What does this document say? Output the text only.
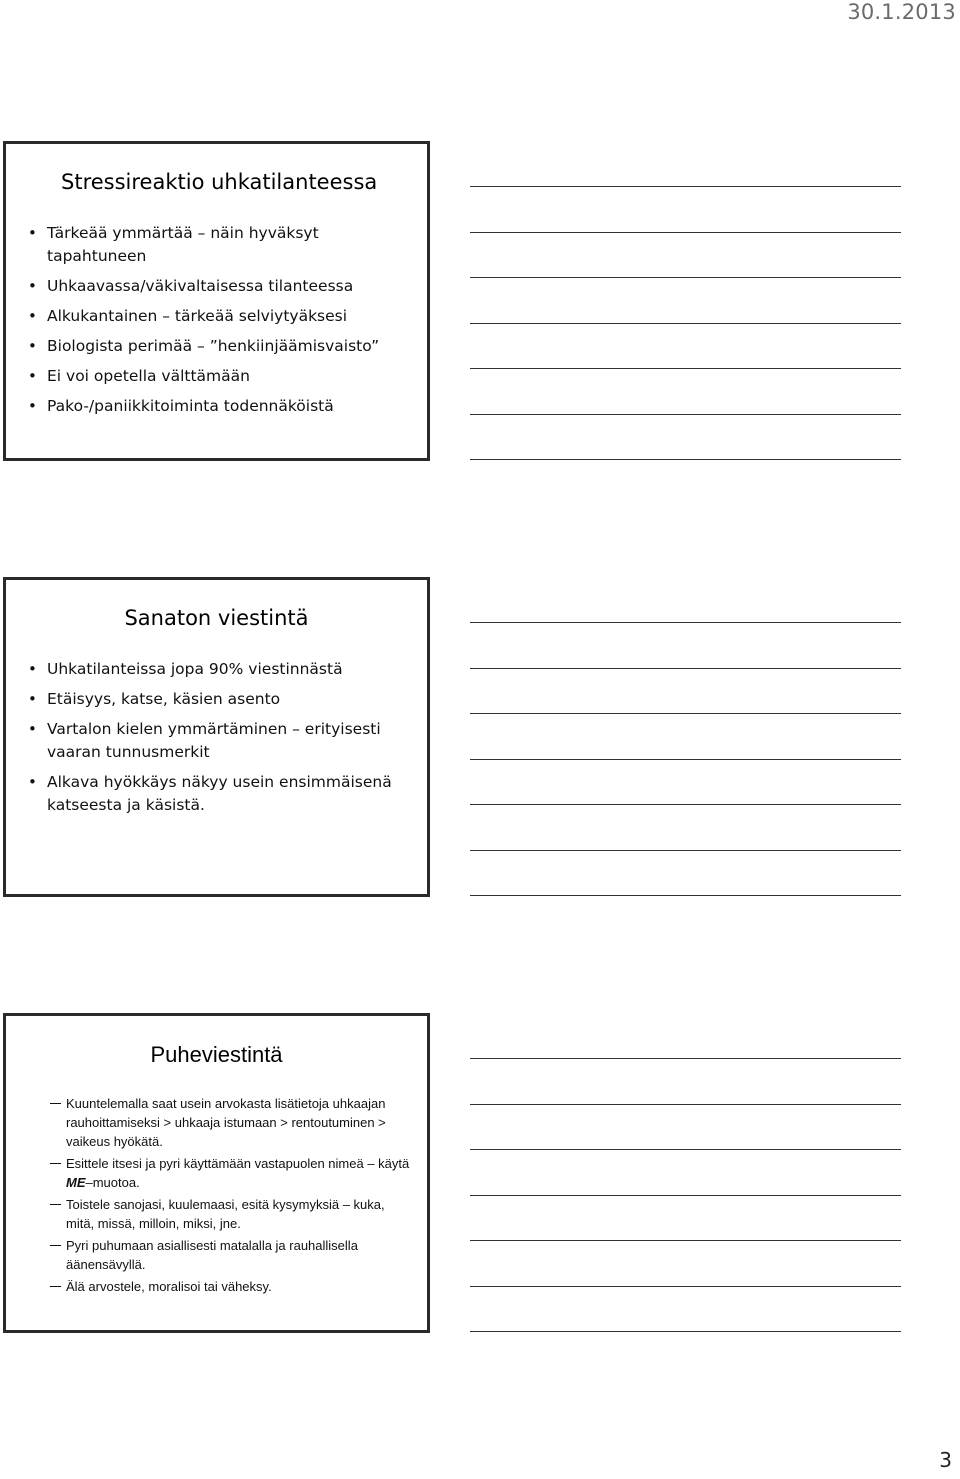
30.1.2013
Stressireaktio uhkatilanteessa
• Tärkeää ymmärtää – näin hyväksyt tapahtuneen
• Uhkaavassa/väkivaltaisessa tilanteessa
• Alkukantainen – tärkeää selviytyäksesi
• Biologista perimää – ”henkiinjäämisvaisto”
• Ei voi opetella välttämään
• Pako-/paniikkitoiminta todennäköistä
Sanaton viestintä
• Uhkatilanteissa jopa 90% viestinnästä
• Etäisyys, katse, käsien asento
• Vartalon kielen ymmärtäminen – erityisesti vaaran tunnusmerkit
• Alkava hyökkäys näkyy usein ensimmäisenä katseesta ja käsistä.
Puheviestintä
Kuuntelemalla saat usein arvokasta lisätietoja uhkaajan rauhoittamiseksi > uhkaaja istumaan > rentoutuminen > vaikeus hyökätä.
Esittele itsesi ja pyri käyttämään vastapuolen nimeä – käytä ME–muotoa.
Toistele sanojasi, kuulemaasi, esitä kysymyksiä – kuka, mitä, missä, milloin, miksi, jne.
Pyri puhumaan asiallisesti matalalla ja rauhallisella äänensävyllä.
Älä arvostele, moralisoi tai väheksy.
3
